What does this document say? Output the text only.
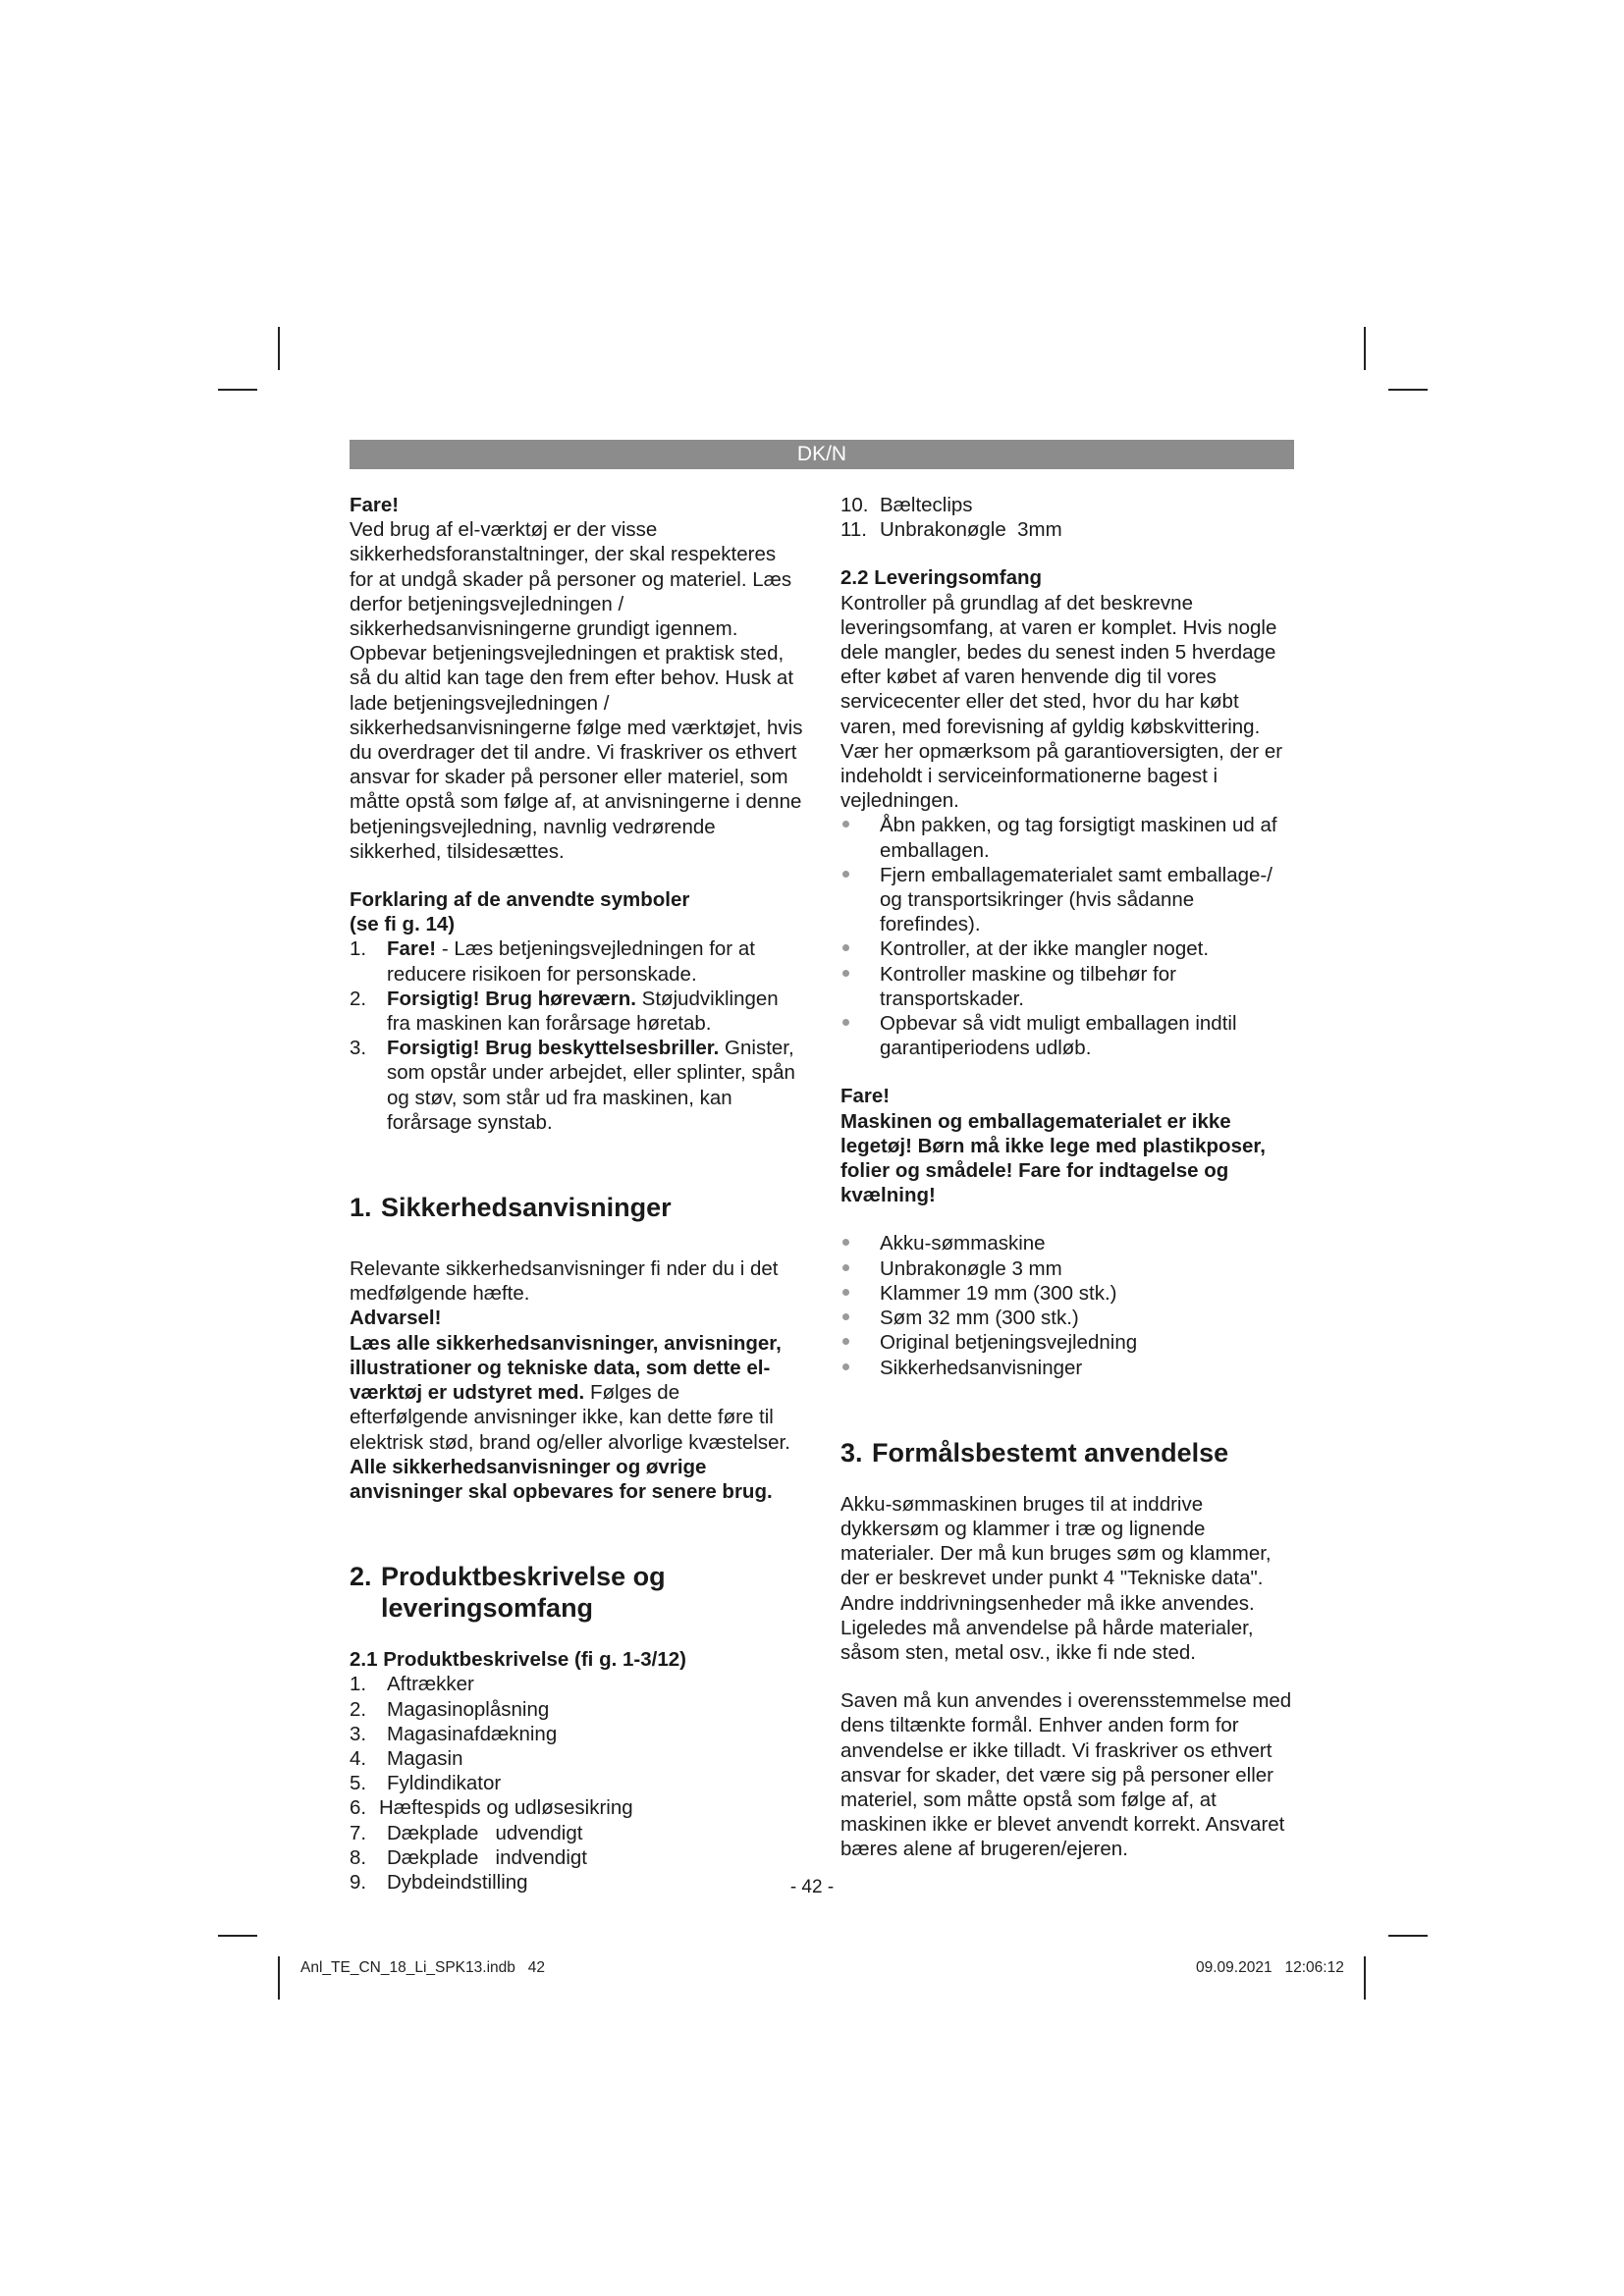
DK/N

Fare!

Ved brug af el-værktøj er der visse sikkerhedsforanstaltninger, der skal respekteres for at undgå skader på personer og materiel. Læs derfor betjeningsvejledningen / sikkerhedsanvisningerne grundigt igennem. Opbevar betjeningsvejledningen et praktisk sted, så du altid kan tage den frem efter behov. Husk at lade betjeningsvejledningen / sikkerhedsanvisningerne følge med værktøjet, hvis du overdrager det til andre. Vi fraskriver os ethvert ansvar for skader på personer eller materiel, som måtte opstå som følge af, at anvisningerne i denne betjeningsvejledning, navnlig vedrørende sikkerhed, tilsidesættes.

Forklaring af de anvendte symboler

(se fi g. 14)

1. Fare! - Læs betjeningsvejledningen for at reducere risikoen for personskade.
2. Forsigtig! Brug høreværn. Støjudviklingen fra maskinen kan forårsage høretab.
3. Forsigtig! Brug beskyttelsesbriller. Gnister, som opstår under arbejdet, eller splinter, spån og støv, som står ud fra maskinen, kan forårsage synstab.
1. Sikkerhedsanvisninger

Relevante sikkerhedsanvisninger fi nder du i det medfølgende hæfte.

Advarsel!

Læs alle sikkerhedsanvisninger, anvisninger, illustrationer og tekniske data, som dette el-værktøj er udstyret med. Følges de efterfølgende anvisninger ikke, kan dette føre til elektrisk stød, brand og/eller alvorlige kvæstelser.

Alle sikkerhedsanvisninger og øvrige anvisninger skal opbevares for senere brug.

2. Produktbeskrivelse og
leveringsomfang

2.1 Produktbeskrivelse (fi g. 1-3/12)

1. Aftrækker
2. Magasinoplåsning
3. Magasinafdækning
4. Magasin
5. Fyldindikator
6. Hæftespids og udløsesikring
7. Dækplade   udvendigt
8. Dækplade   indvendigt
9. Dybdeindstilling
10. Bælteclips
11. Unbrakonøgle  3mm

2.2 Leveringsomfang

Kontroller på grundlag af det beskrevne leveringsomfang, at varen er komplet. Hvis nogle dele mangler, bedes du senest inden 5 hverdage efter købet af varen henvende dig til vores servicecenter eller det sted, hvor du har købt varen, med forevisning af gyldig købskvittering. Vær her opmærksom på garantioversigten, der er indeholdt i serviceinformationerne bagest i vejledningen.

Åbn pakken, og tag forsigtigt maskinen ud af emballagen.
Fjern emballagematerialet samt emballage-/ og transportsikringer (hvis sådanne forefindes).
Kontroller, at der ikke mangler noget.
Kontroller maskine og tilbehør for transportskader.
Opbevar så vidt muligt emballagen indtil garantiperiodens udløb.

Fare!

Maskinen og emballagematerialet er ikke legetøj! Børn må ikke lege med plastikposer, folier og smådele! Fare for indtagelse og kvælning!

Akku-sømmaskine
Unbrakonøgle 3 mm
Klammer 19 mm (300 stk.)
Søm 32 mm (300 stk.)
Original betjeningsvejledning
Sikkerhedsanvisninger
3. Formålsbestemt anvendelse

Akku-sømmaskinen bruges til at inddrive dykkersøm og klammer i træ og lignende materialer. Der må kun bruges søm og klammer, der er beskrevet under punkt 4 "Tekniske data". Andre inddrivningsenheder må ikke anvendes. Ligeledes må anvendelse på hårde materialer, såsom sten, metal osv., ikke fi nde sted.

Saven må kun anvendes i overensstemmelse med dens tiltænkte formål. Enhver anden form for anvendelse er ikke tilladt. Vi fraskriver os ethvert ansvar for skader, det være sig på personer eller materiel, som måtte opstå som følge af, at maskinen ikke er blevet anvendt korrekt. Ansvaret bæres alene af brugeren/ejeren.

- 42 -
Anl_TE_CN_18_Li_SPK13.indb   42	09.09.2021   12:06:12
